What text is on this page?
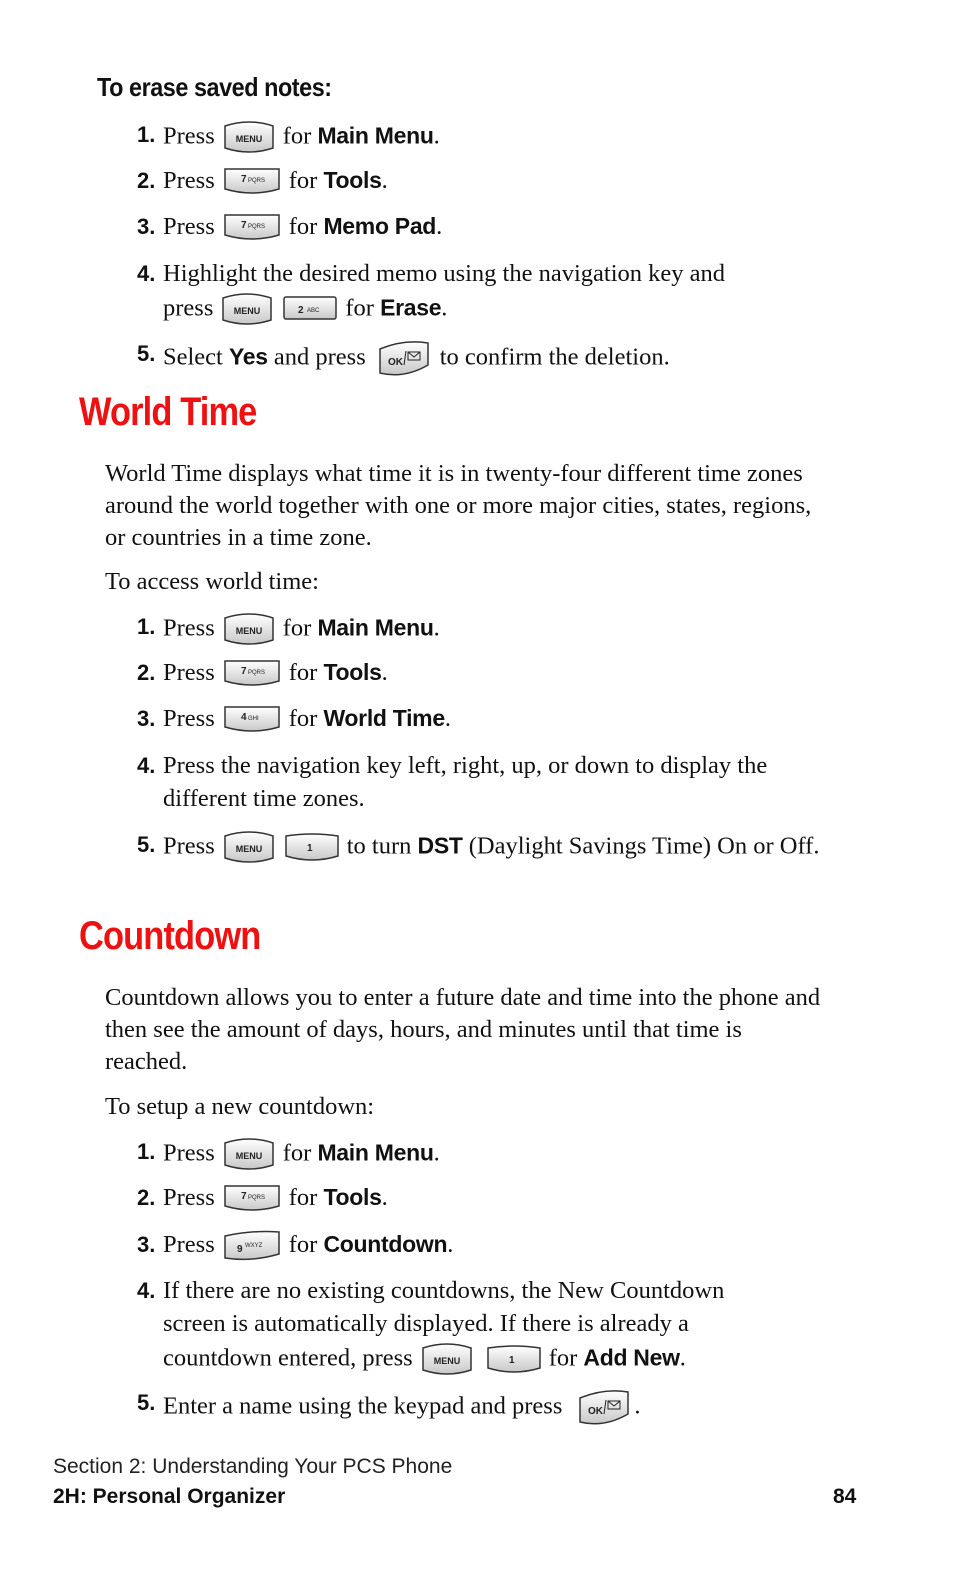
To erase saved notes:
1. Press MENU for Main Menu.
2. Press	7 PQRS for Tools.
3. Press	7 PQRS for Memo Pad.
4. Highlight the desired memo using the navigation key and
press MENU	2 ABC for Erase.
5. Select Yes and press OK to confirm the deletion.
World Time
World Time displays what time it is in twenty-four different time zones around the world together with one or more major cities, states, regions, or countries in a time zone.
To access world time:
1. Press MENU for Main Menu.
2. Press	7 PQRS for Tools.
3. Press	4 GHI for World Time.
4. Press the navigation key left, right, up, or down to display the different time zones.
5. Press MENU	1 to turn DST (Daylight Savings Time) On or Off.
Countdown
Countdown allows you to enter a future date and time into the phone and then see the amount of days, hours, and minutes until that time is reached.
To setup a new countdown:
1. Press MENU for Main Menu.
2. Press	7 PQRS for Tools.
3. Press 9 WXYZ for Countdown.
4. If there are no existing countdowns, the New Countdown
screen is automatically displayed. If there is already a
countdown entered, press MENU	1 for Add New.
5. Enter a name using the keypad and press	OK .
Section 2: Understanding Your PCS Phone
2H: Personal Organizer	84
